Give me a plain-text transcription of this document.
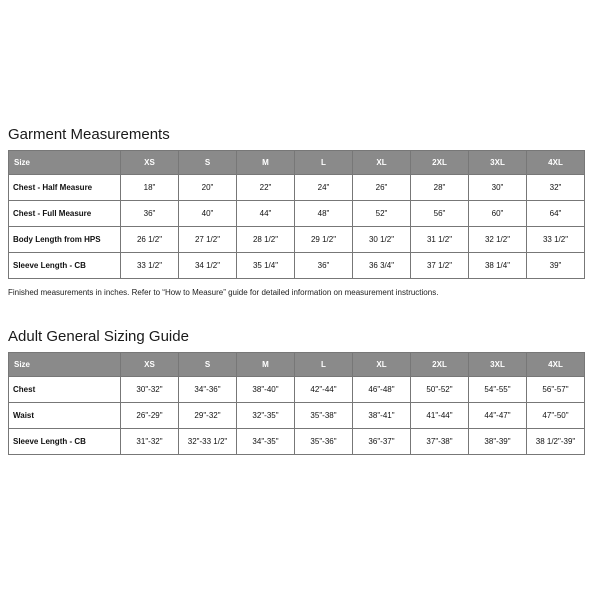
Garment Measurements
Size	XS	S	M	L	XL	2XL	3XL	4XL
Chest - Half Measure	18"	20"	22"	24"	26"	28"	30"	32"
Chest - Full Measure	36"	40"	44"	48"	52"	56"	60"	64"
Body Length from HPS	26 1/2"	27 1/2"	28 1/2"	29 1/2"	30 1/2"	31 1/2"	32 1/2"	33 1/2"
Sleeve Length - CB	33 1/2"	34 1/2"	35 1/4"	36"	36 3/4"	37 1/2"	38 1/4"	39"

Finished measurements in inches. Refer to “How to Measure” guide for detailed information on measurement instructions.

Adult General Sizing Guide
Size	XS	S	M	L	XL	2XL	3XL	4XL
Chest	30"-32"	34"-36"	38"-40"	42"-44"	46"-48"	50"-52"	54"-55"	56"-57"
Waist	26"-29"	29"-32"	32"-35"	35"-38"	38"-41"	41"-44"	44"-47"	47"-50"
Sleeve Length - CB	31"-32"	32"-33 1/2"	34"-35"	35"-36"	36"-37"	37"-38"	38"-39"	38 1/2"-39"
